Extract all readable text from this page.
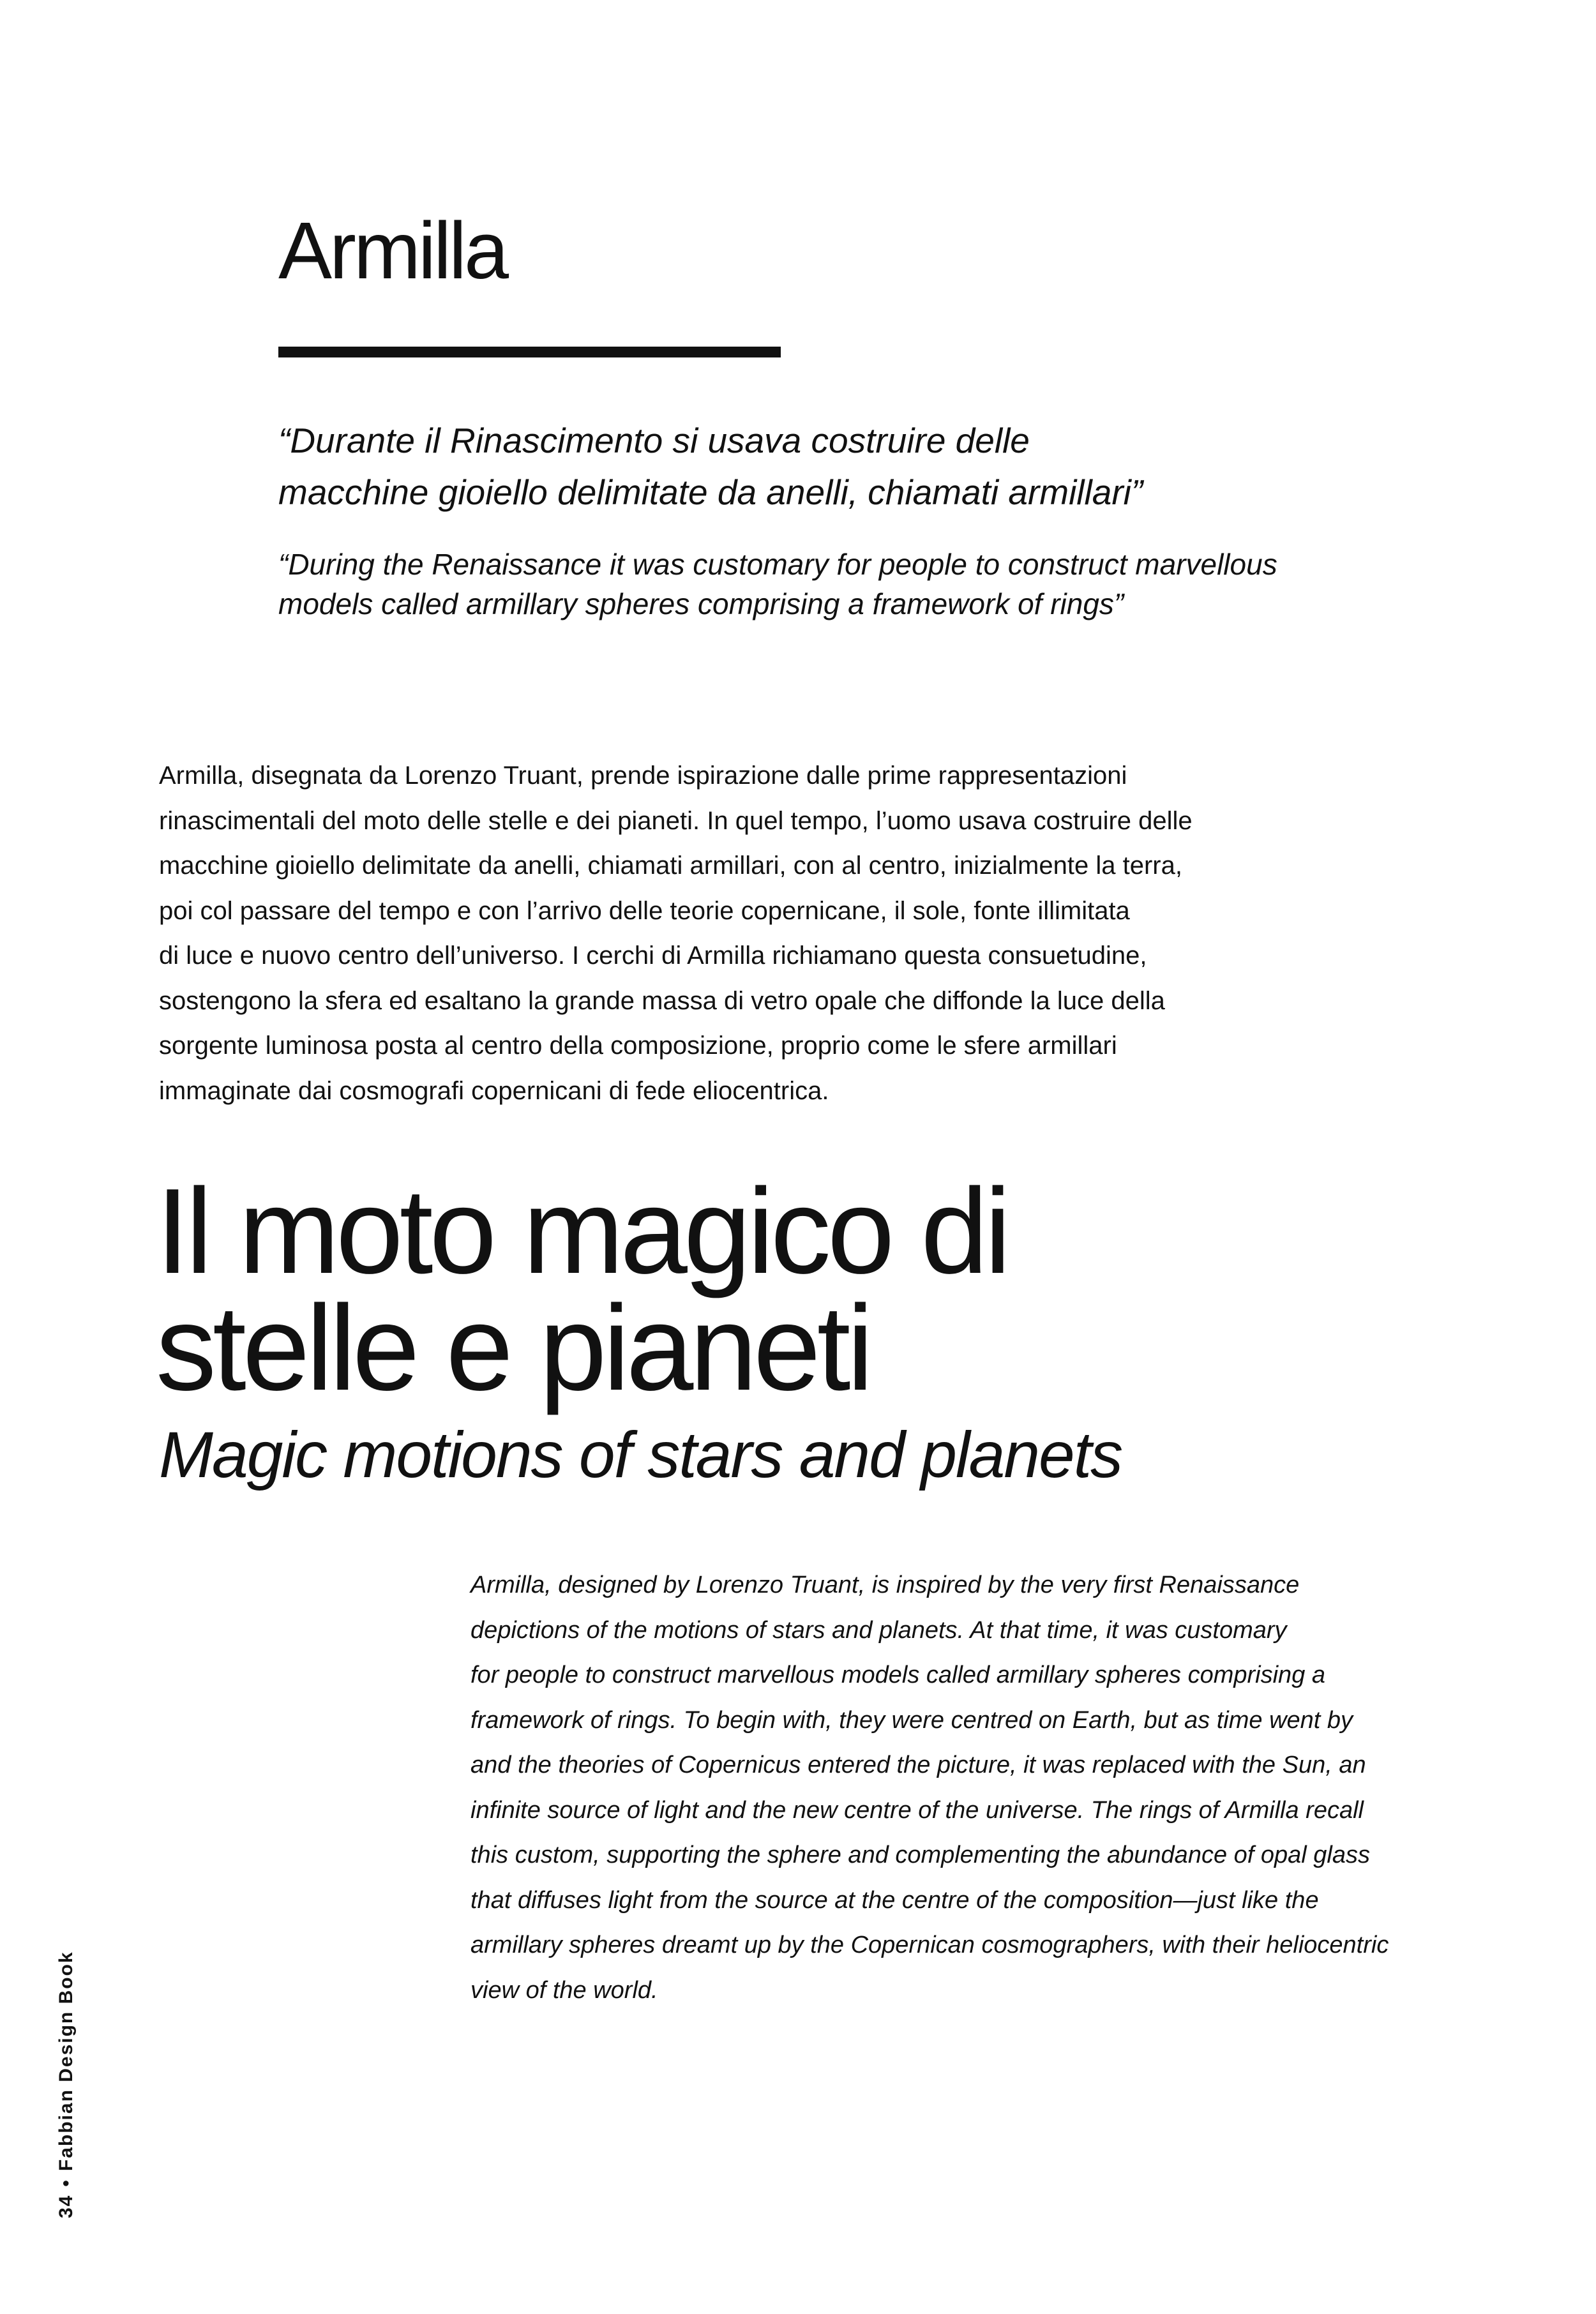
Armilla

“Durante il Rinascimento si usava costruire delle
macchine gioiello delimitate da anelli, chiamati armillari”

“During the Renaissance it was customary for people to construct marvellous
models called armillary spheres comprising a framework of rings”

Armilla, disegnata da Lorenzo Truant, prende ispirazione dalle prime rappresentazioni
rinascimentali del moto delle stelle e dei pianeti. In quel tempo, l’uomo usava costruire delle
macchine gioiello delimitate da anelli, chiamati armillari, con al centro, inizialmente la terra,
poi col passare del tempo e con l’arrivo delle teorie copernicane, il sole, fonte illimitata
di luce e nuovo centro dell’universo. I cerchi di Armilla richiamano questa consuetudine,
sostengono la sfera ed esaltano la grande massa di vetro opale che diffonde la luce della
sorgente luminosa posta al centro della composizione, proprio come le sfere armillari
immaginate dai cosmografi copernicani di fede eliocentrica.

Il moto magico di
stelle e pianeti
Magic motions of stars and planets

Armilla, designed by Lorenzo Truant, is inspired by the very first Renaissance
depictions of the motions of stars and planets. At that time, it was customary
for people to construct marvellous models called armillary spheres comprising a
framework of rings. To begin with, they were centred on Earth, but as time went by
and the theories of Copernicus entered the picture, it was replaced with the Sun, an
infinite source of light and the new centre of the universe. The rings of Armilla recall
this custom, supporting the sphere and complementing the abundance of opal glass
that diffuses light from the source at the centre of the composition—just like the
armillary spheres dreamt up by the Copernican cosmographers, with their heliocentric
view of the world.

34•Fabbian Design Book
